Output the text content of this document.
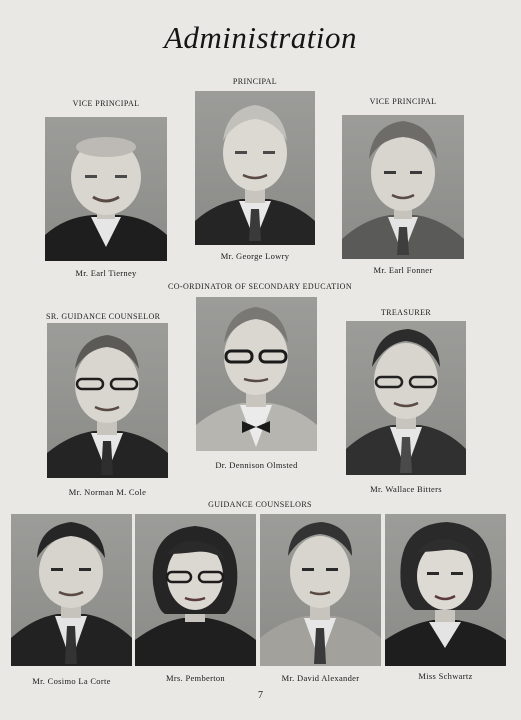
Administration
VICE PRINCIPAL
PRINCIPAL
VICE PRINCIPAL
Mr. Earl Tierney
Mr. George Lowry
Mr. Earl Fonner
CO-ORDINATOR OF SECONDARY EDUCATION
SR. GUIDANCE COUNSELOR	TREASURER
Mr. Norman M. Cole
Dr. Dennison Olmsted
Mr. Wallace Bitters
GUIDANCE COUNSELORS
Mr. Cosimo La Corte	Mrs. Pemberton	Mr. David Alexander	Miss Schwartz
7
